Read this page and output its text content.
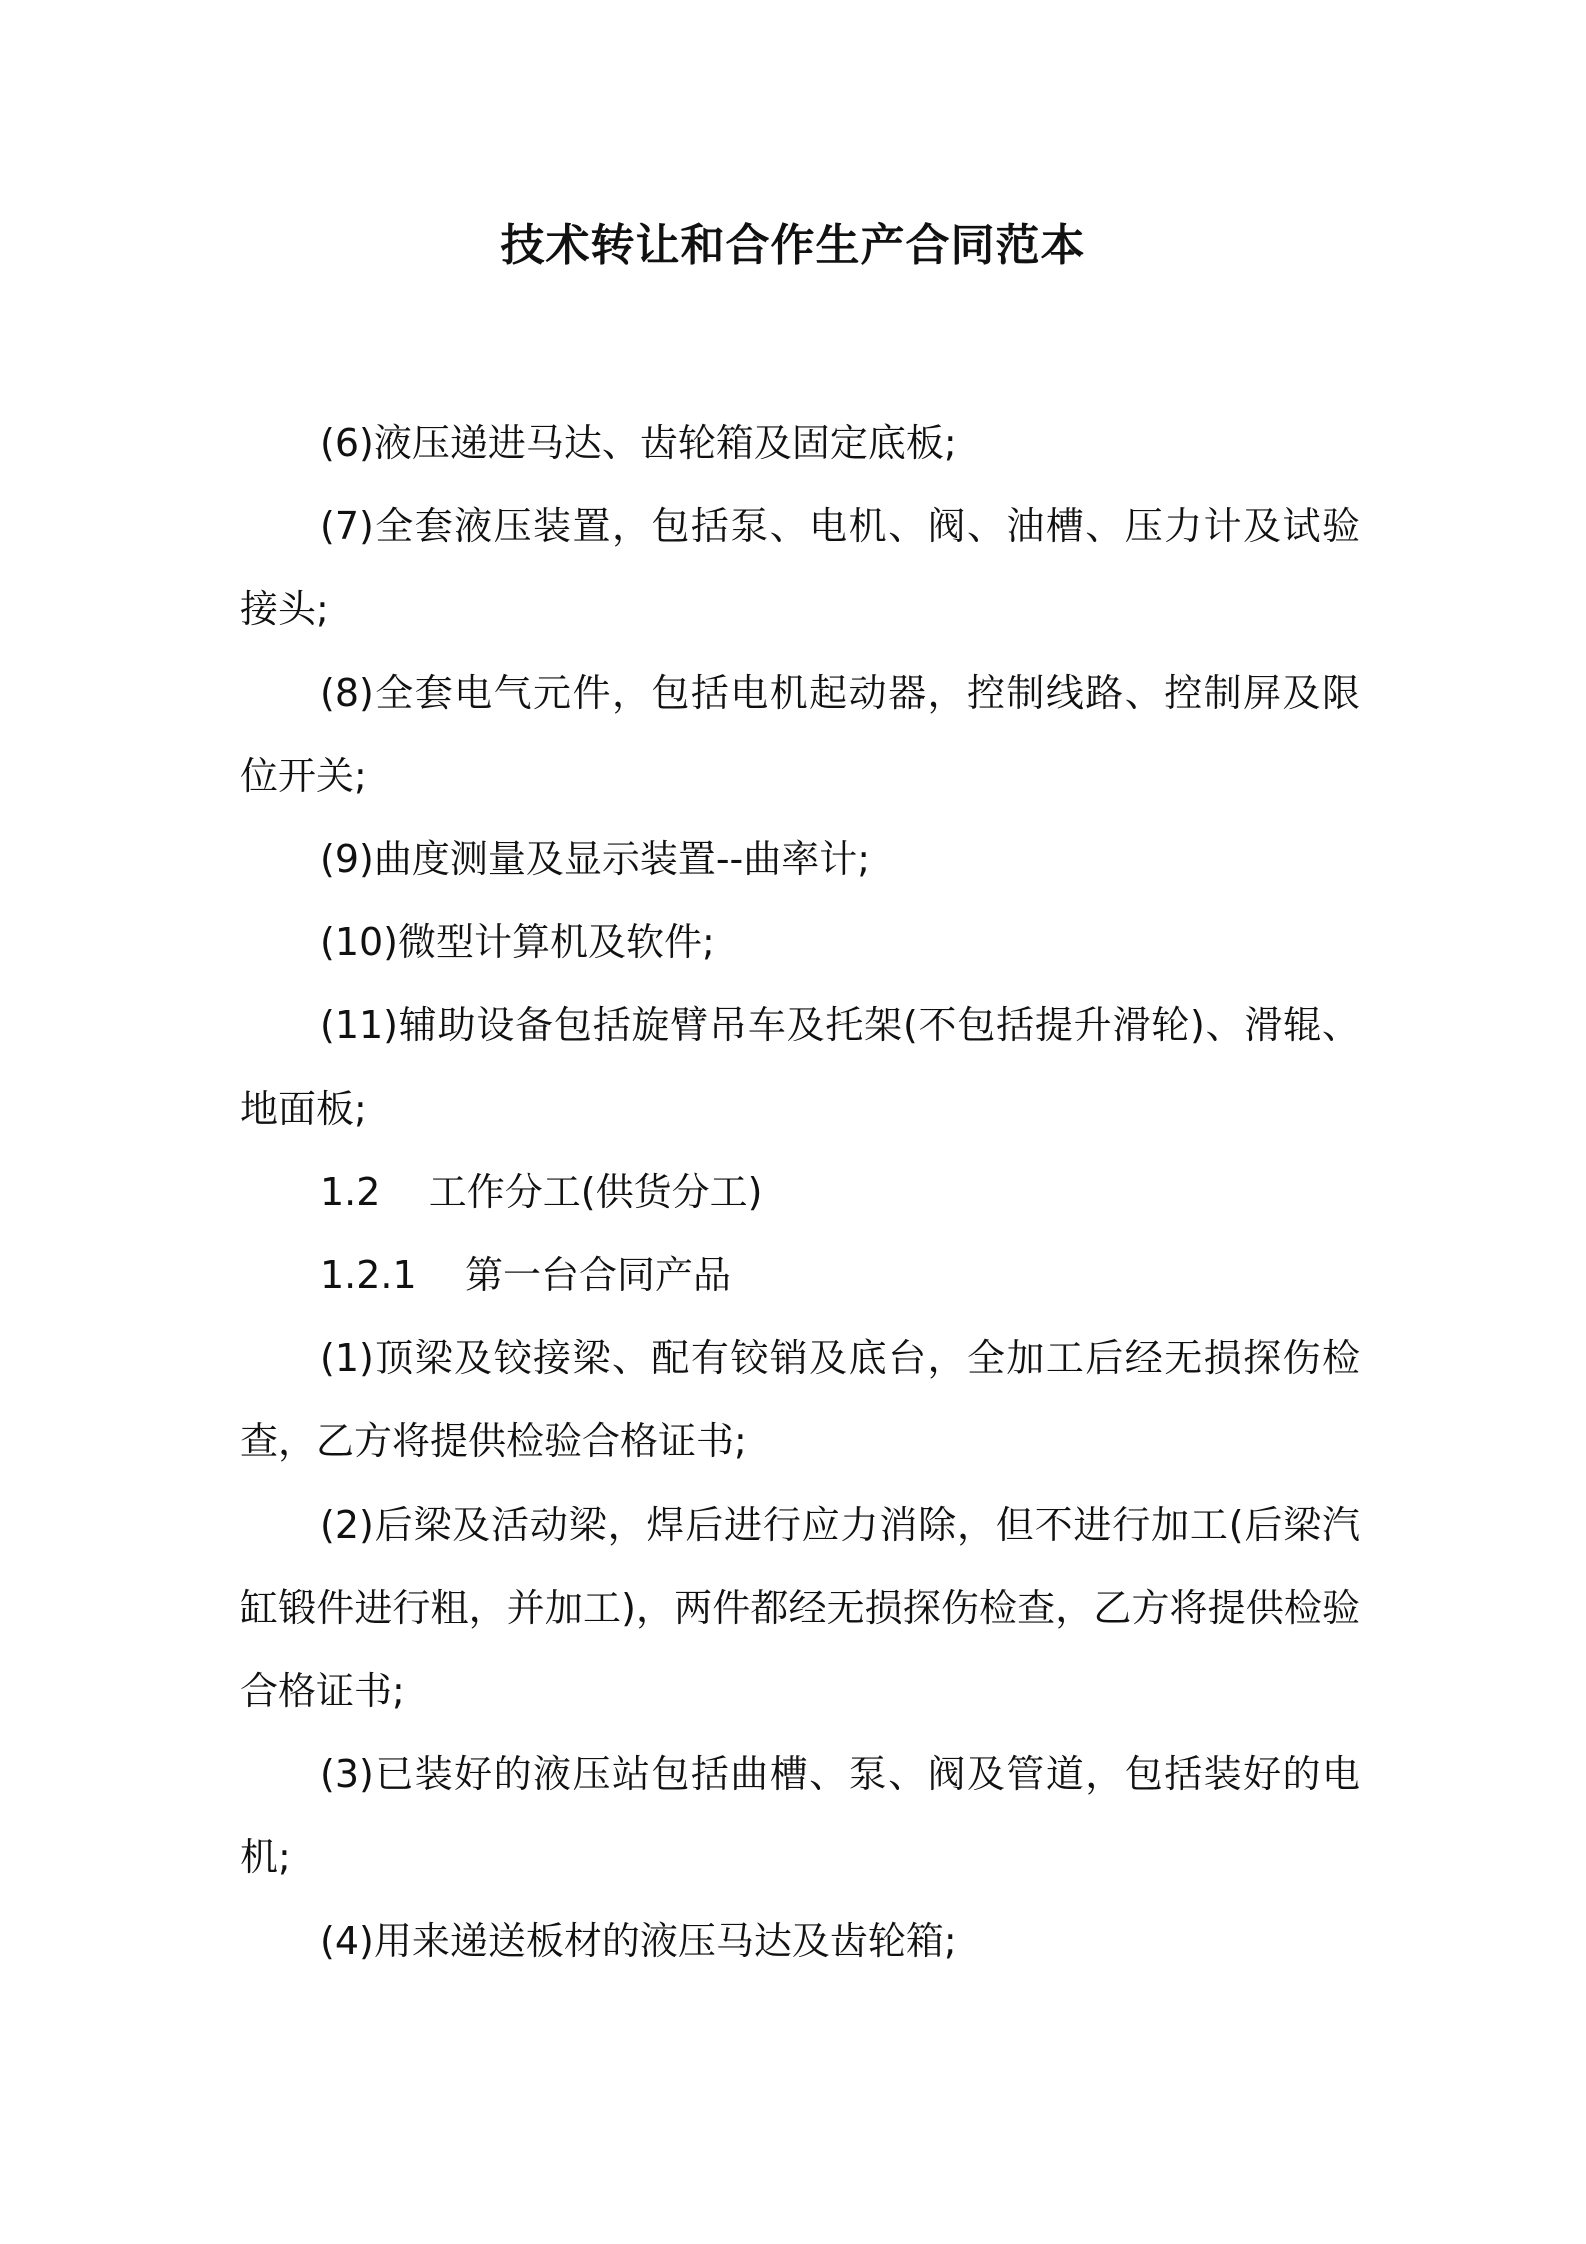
技术转让和合作生产合同范本

(6)液压递进马达、齿轮箱及固定底板;

(7)全套液压装置，包括泵、电机、阀、油槽、压力计及试验接头;

(8)全套电气元件，包括电机起动器，控制线路、控制屏及限位开关;

(9)曲度测量及显示装置--曲率计;

(10)微型计算机及软件;

(11)辅助设备包括旋臂吊车及托架(不包括提升滑轮)、滑辊、地面板;

1.2    工作分工(供货分工)

1.2.1    第一台合同产品

(1)顶梁及铰接梁、配有铰销及底台，全加工后经无损探伤检查，乙方将提供检验合格证书;

(2)后梁及活动梁，焊后进行应力消除，但不进行加工(后梁汽缸锻件进行粗，并加工)，两件都经无损探伤检查，乙方将提供检验合格证书;

(3)已装好的液压站包括曲槽、泵、阀及管道，包括装好的电机;

(4)用来递送板材的液压马达及齿轮箱;
